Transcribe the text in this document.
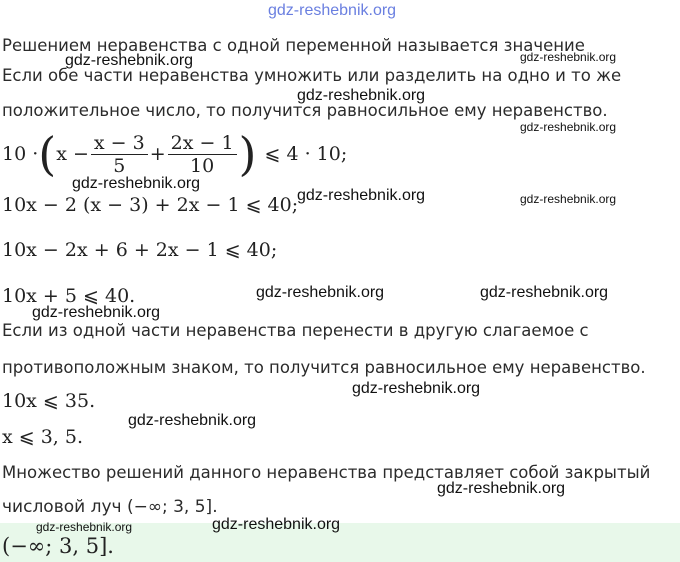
gdz-reshebnik.org
Решением неравенства с одной переменной называется значение
gdz-reshebnik.org
gdz-reshebnik.org
Если обе части неравенства умножить или разделить на одно и то же
gdz-reshebnik.org
положительное число, то получится равносильное ему неравенство.
gdz-reshebnik.org
10 · ( $x - \frac{x - 3}{5} + \frac{2x - 1}{10}$ ) ⩽ 4 · 10;
gdz-reshebnik.org
gdz-reshebnik.org	gdz-reshebnik.org
10x − 2 (x − 3) + 2x − 1 ⩽ 40;
10x − 2x + 6 + 2x − 1 ⩽ 40;
10x + 5 ⩽ 40.	gdz-reshebnik.org	gdz-reshebnik.org
gdz-reshebnik.org
Если из одной части неравенства перенести в другую слагаемое с
противоположным знаком, то получится равносильное ему неравенство.
gdz-reshebnik.org
10x ⩽ 35.
gdz-reshebnik.org
x ⩽ 3, 5.
Множество решений данного неравенства представляет собой закрытый
gdz-reshebnik.org
числовой луч (−∞; 3, 5].
gdz-reshebnik.org	gdz-reshebnik.org
(−∞; 3, 5].
